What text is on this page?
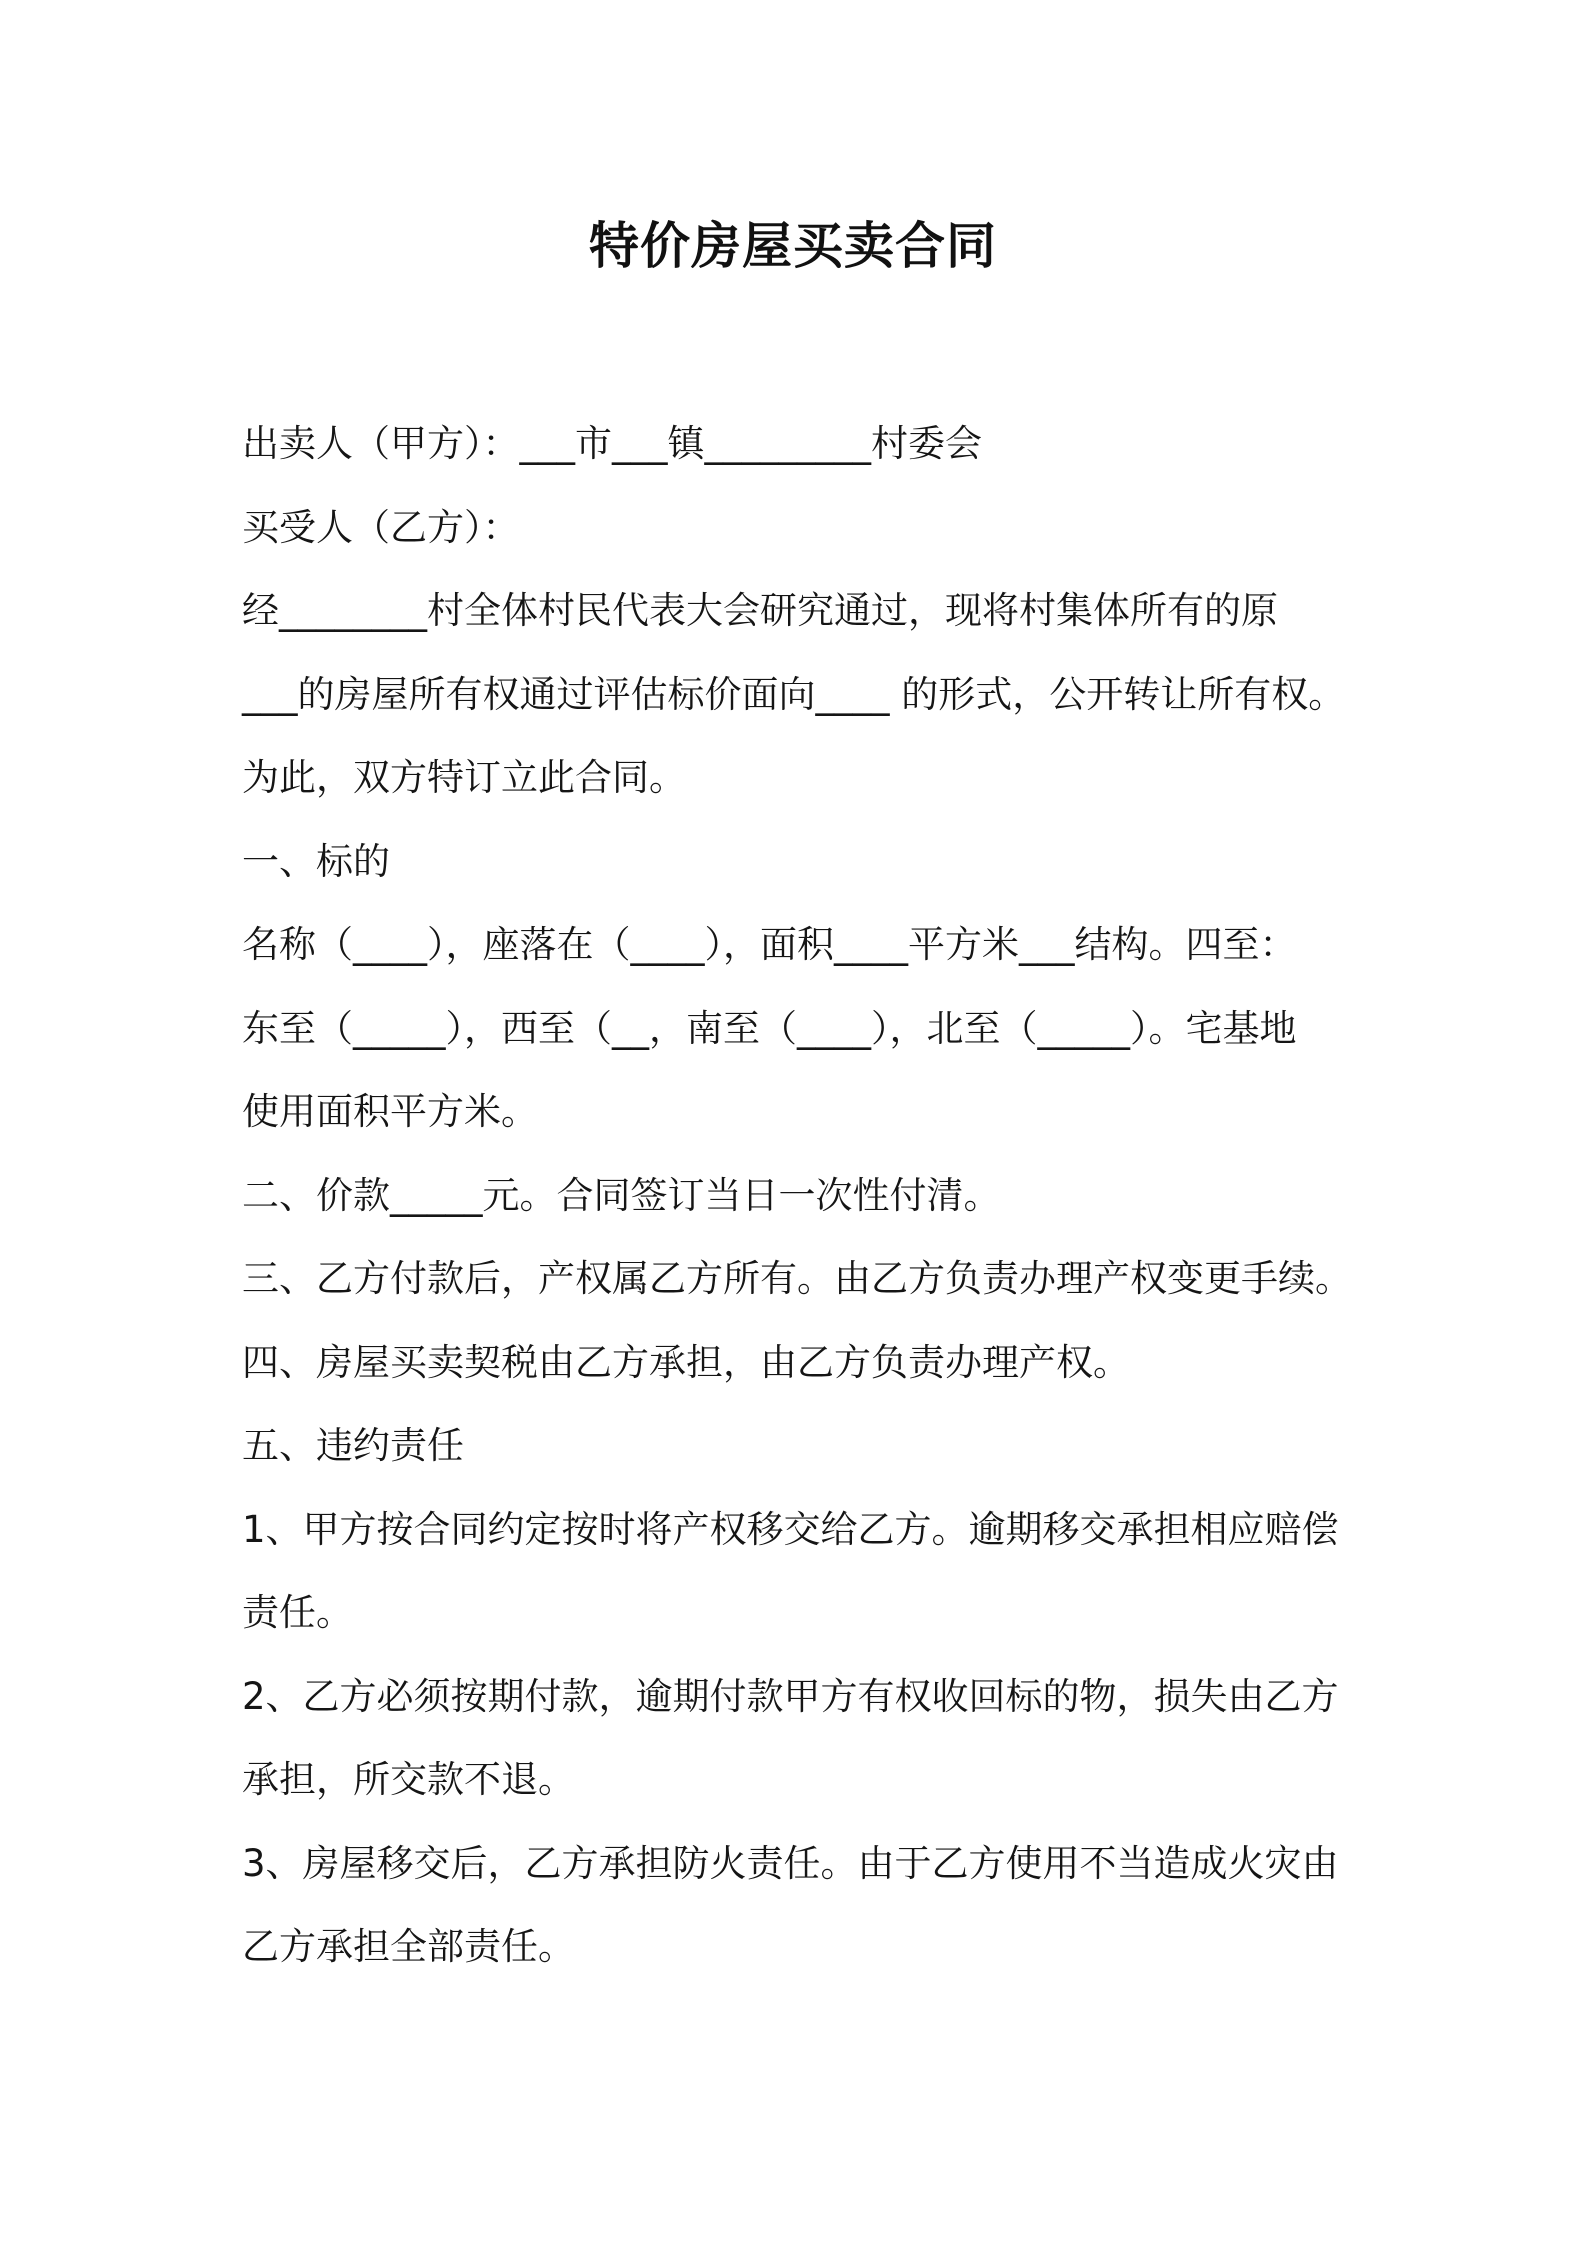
特价房屋买卖合同
出卖人（甲方）：___市___镇_________村委会
买受人（乙方）：
经________村全体村民代表大会研究通过，现将村集体所有的原
___的房屋所有权通过评估标价面向____ 的形式，公开转让所有权。
为此，双方特订立此合同。
一、标的
名称（____），座落在（____），面积____平方米___结构。四至：
东至（_____），西至（__，南至（____），北至（_____）。宅基地
使用面积平方米。
二、价款_____元。合同签订当日一次性付清。
三、乙方付款后，产权属乙方所有。由乙方负责办理产权变更手续。
四、房屋买卖契税由乙方承担，由乙方负责办理产权。
五、违约责任
1、甲方按合同约定按时将产权移交给乙方。逾期移交承担相应赔偿
责任。
2、乙方必须按期付款，逾期付款甲方有权收回标的物，损失由乙方
承担，所交款不退。
3、房屋移交后，乙方承担防火责任。由于乙方使用不当造成火灾由
乙方承担全部责任。
